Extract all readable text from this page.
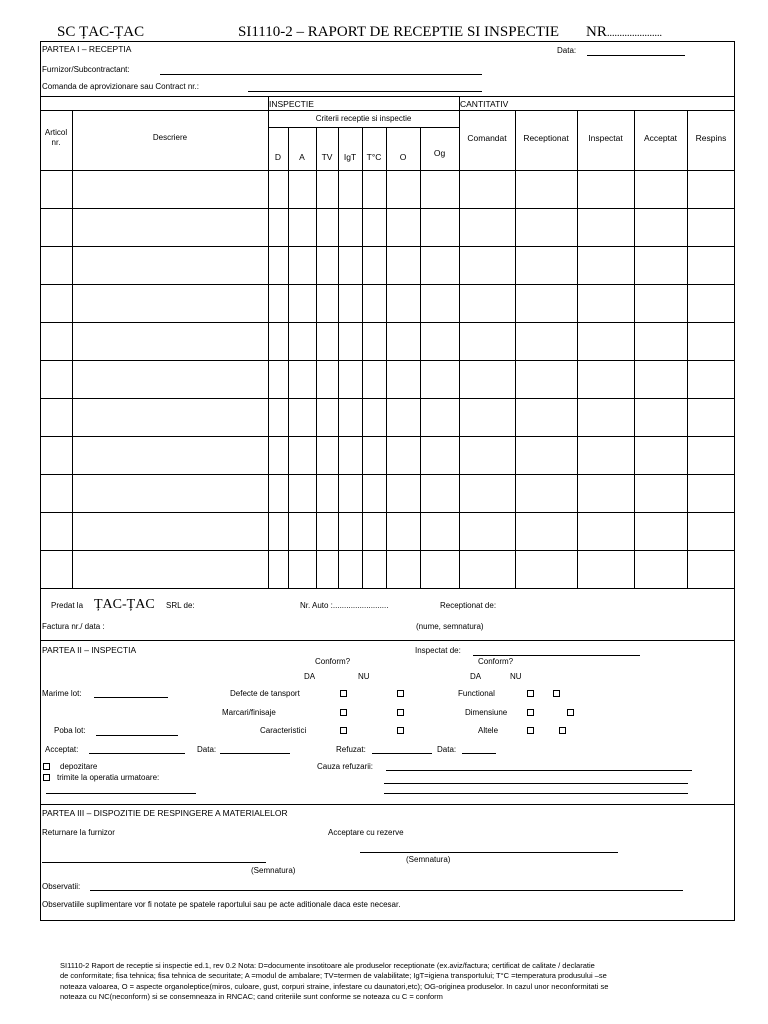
SC ȚAC-ȚAC	SI1110-2 – RAPORT DE RECEPTIE SI INSPECTIE NR ......................
PARTEA I – RECEPTIA	Data:
Furnizor/Subcontractant:
Comanda de aprovizionare sau Contract nr.:
INSPECTIE	CANTITATIV
Criterii receptie si inspectie
Articol nr.
Descriere
D	A	TV	IgT	T°C	O	Og
Comandat	Receptionat	Inspectat	Acceptat	Respins
Predat la ȚAC-ȚAC SRL de:	Nr. Auto :.........................	Receptionat de:
Factura nr./ data :	(nume, semnatura)
PARTEA II – INSPECTIA	Inspectat de:
Conform?	Conform?
DA	NU	DA	NU
Marime lot:	Defecte de tansport	Functional
Marcari/finisaje	Dimensiune
Poba lot:	Caracteristici	Altele
Acceptat:	Data:	Refuzat:	Data:
depozitare	Cauza refuzarii:
trimite la operatia urmatoare:
PARTEA III – DISPOZITIE DE RESPINGERE A MATERIALELOR
Returnare la furnizor	Acceptare cu rezerve
(Semnatura)
(Semnatura)
Observatii:
Observatiile suplimentare vor fi notate pe spatele raportului sau pe acte aditionale daca este necesar.
SI1110-2 Raport de receptie si inspectie ed.1, rev 0.2 Nota: D=documente insotitoare ale produselor receptionate (ex.aviz/factura; certificat de calitate / declaratie
de conformitate; fisa tehnica; fisa tehnica de securitate; A =modul de ambalare; TV=termen de valabilitate; IgT=igiena transportului; T°C =temperatura produsului –se
noteaza valoarea, O = aspecte organoleptice(miros, culoare, gust, corpuri straine, infestare cu daunatori,etc); OG-originea produselor. In cazul unor neconformitati se
noteaza cu NC(neconform) si se consemneaza in RNCAC; cand criteriile sunt conforme se noteaza cu C = conform
